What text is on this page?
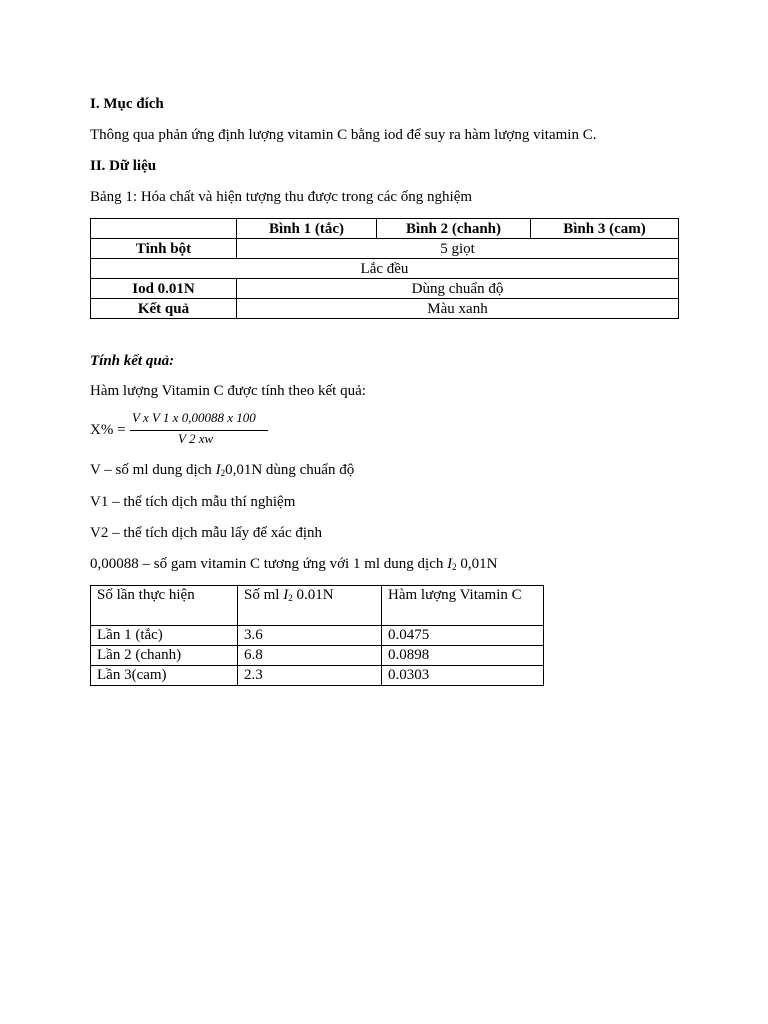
I. Mục đích
Thông qua phản ứng định lượng vitamin C bằng iod để suy ra hàm lượng vitamin C.
II. Dữ liệu
Bảng 1: Hóa chất và hiện tượng thu được trong các ống nghiệm
	Bình 1 (tắc)	Bình 2 (chanh)	Bình 3 (cam)
Tinh bột	5 giọt		
Lắc đều			
Iod 0.01N	Dùng chuẩn độ		
Kết quả	Màu xanh		
Tính kết quả:
Hàm lượng Vitamin C được tính theo kết quả:
X% =
V x V 1 x 0,00088 x 100
V 2 xw
V – số ml dung dịch $I_20,01N$ dùng chuẩn độ
V1 – thể tích dịch mẫu thí nghiệm
V2 – thể tích dịch mẫu lấy để xác định
0,00088 – số gam vitamin C tương ứng với 1 ml dung dịch $I_2$ 0,01N
Số lần thực hiện	Số ml $I_2$ 0.01N	Hàm lượng Vitamin C
Lần 1 (tắc)	3.6	0.0475
Lần 2 (chanh)	6.8	0.0898
Lần 3(cam)	2.3	0.0303
